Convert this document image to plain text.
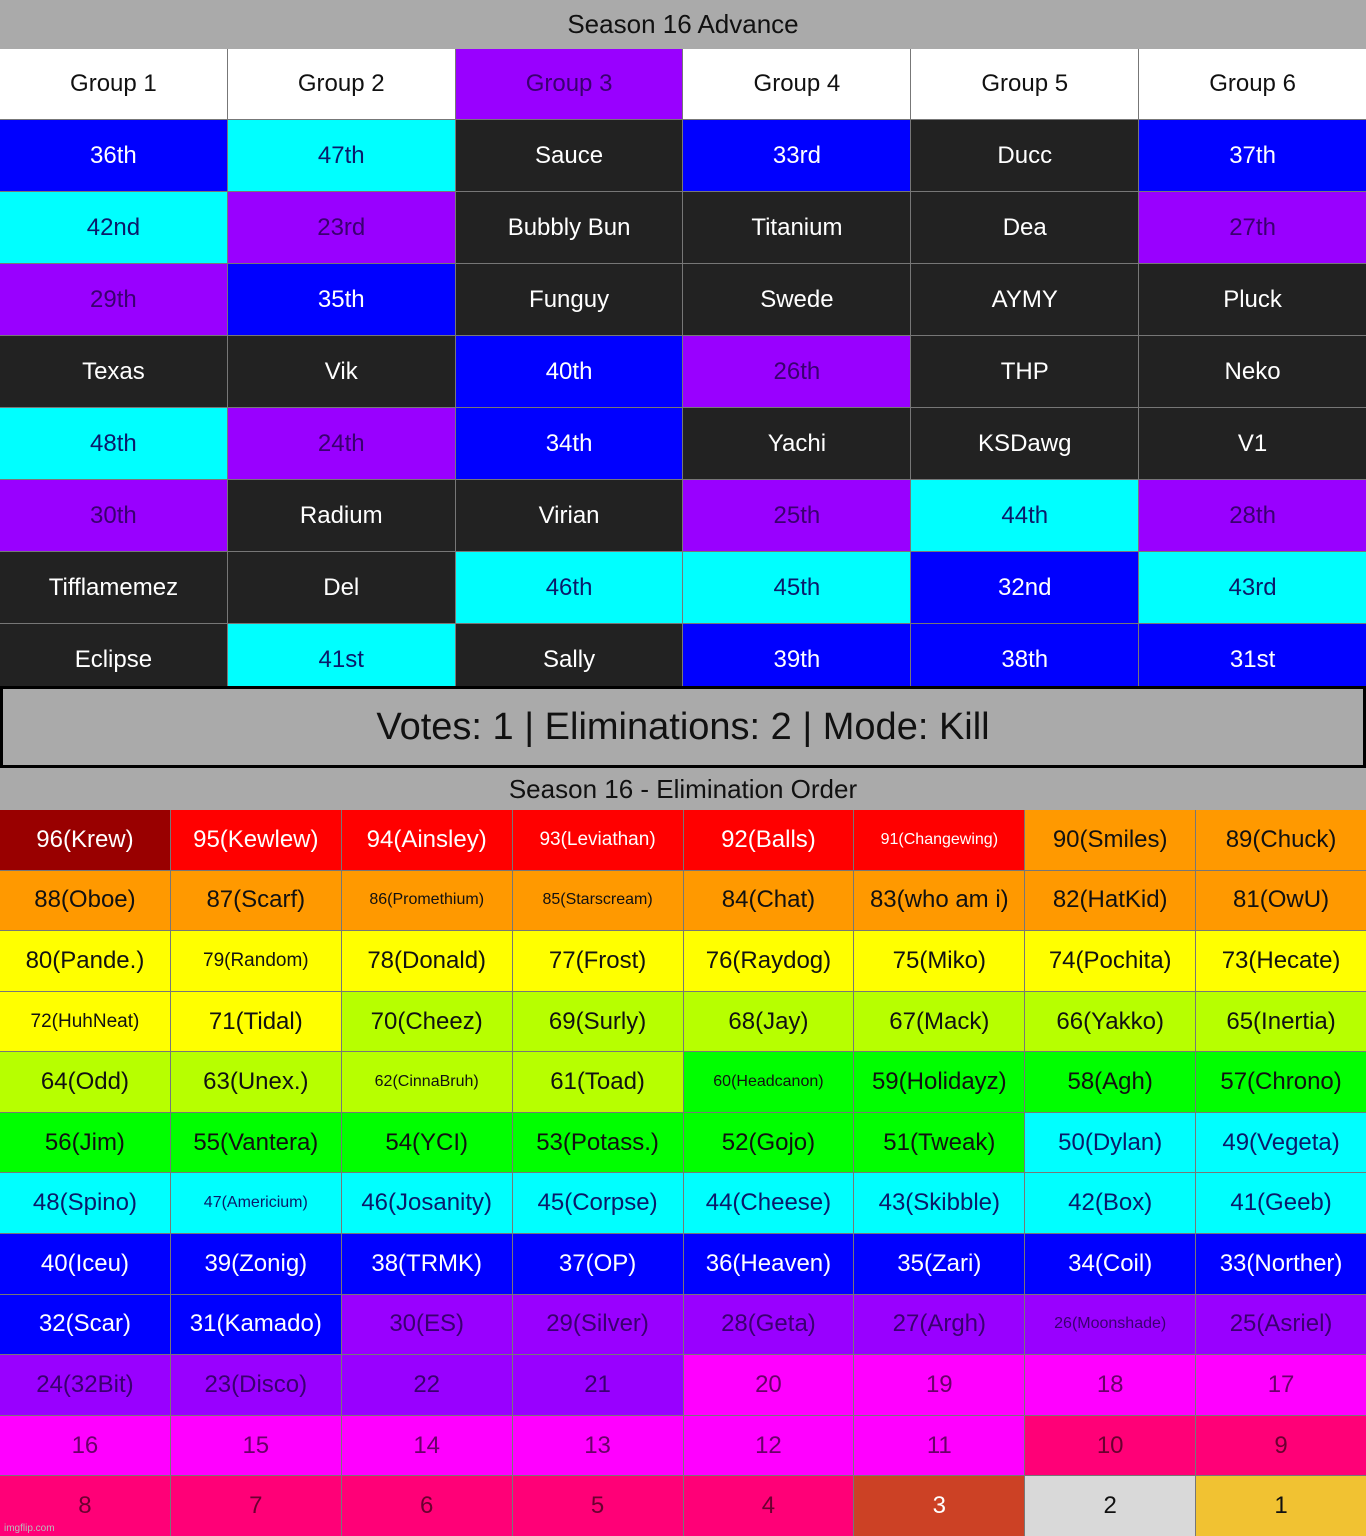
Season 16 Advance
Group 1	Group 2	Group 3	Group 4	Group 5	Group 6
36th	47th	Sauce	33rd	Ducc	37th
42nd	23rd	Bubbly Bun	Titanium	Dea	27th
29th	35th	Funguy	Swede	AYMY	Pluck
Texas	Vik	40th	26th	THP	Neko
48th	24th	34th	Yachi	KSDawg	V1
30th	Radium	Virian	25th	44th	28th
Tifflamemez	Del	46th	45th	32nd	43rd
Eclipse	41st	Sally	39th	38th	31st
Votes: 1 | Eliminations: 2 | Mode: Kill
Season 16 - Elimination Order
96(Krew)	95(Kewlew)	94(Ainsley)	93(Leviathan)	92(Balls)	91(Changewing)	90(Smiles)	89(Chuck)
88(Oboe)	87(Scarf)	86(Promethium)	85(Starscream)	84(Chat)	83(who am i)	82(HatKid)	81(OwU)
80(Pande.)	79(Random)	78(Donald)	77(Frost)	76(Raydog)	75(Miko)	74(Pochita)	73(Hecate)
72(HuhNeat)	71(Tidal)	70(Cheez)	69(Surly)	68(Jay)	67(Mack)	66(Yakko)	65(Inertia)
64(Odd)	63(Unex.)	62(CinnaBruh)	61(Toad)	60(Headcanon)	59(Holidayz)	58(Agh)	57(Chrono)
56(Jim)	55(Vantera)	54(YCI)	53(Potass.)	52(Gojo)	51(Tweak)	50(Dylan)	49(Vegeta)
48(Spino)	47(Americium)	46(Josanity)	45(Corpse)	44(Cheese)	43(Skibble)	42(Box)	41(Geeb)
40(Iceu)	39(Zonig)	38(TRMK)	37(OP)	36(Heaven)	35(Zari)	34(Coil)	33(Norther)
32(Scar)	31(Kamado)	30(ES)	29(Silver)	28(Geta)	27(Argh)	26(Moonshade)	25(Asriel)
24(32Bit)	23(Disco)	22	21	20	19	18	17
16	15	14	13	12	11	10	9
8	7	6	5	4	3	2	1
imgflip.com
